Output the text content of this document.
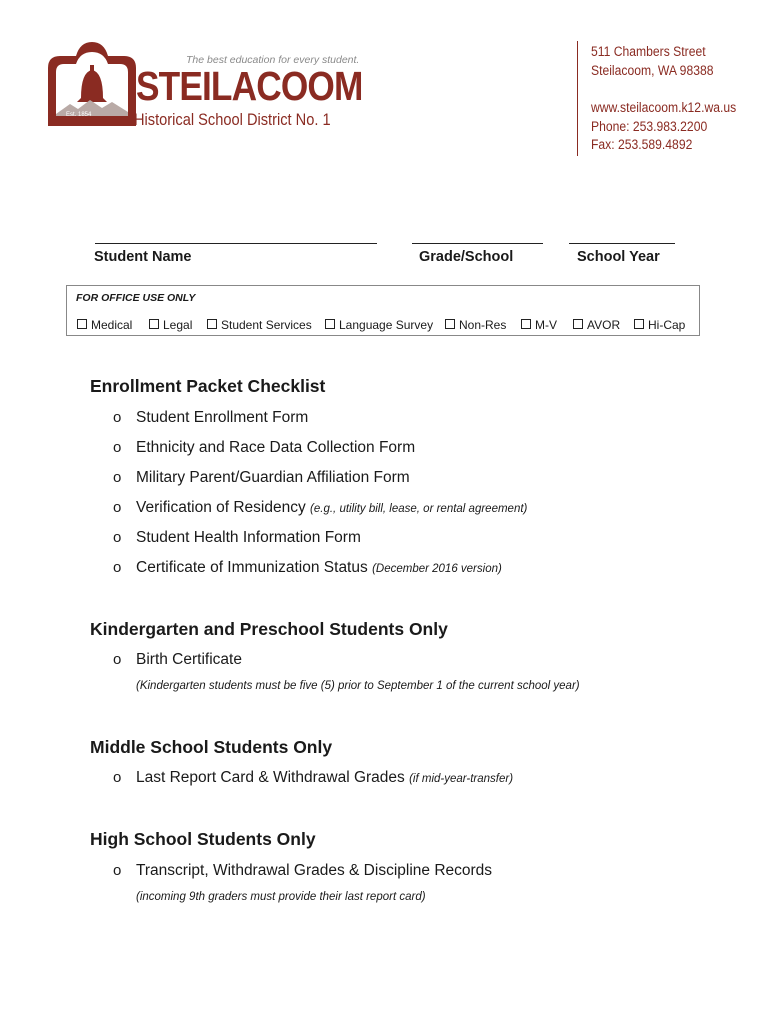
Est. 1854
The best education for every student.
STEILACOOM
Historical School District No. 1
511 Chambers Street
Steilacoom, WA 98388
www.steilacoom.k12.wa.us
Phone: 253.983.2200
Fax: 253.589.4892
Student Name	Grade/School	School Year
FOR OFFICE USE ONLY
Medical	Legal	Student Services	Language Survey	Non-Res	M-V	AVOR	Hi-Cap
Enrollment Packet Checklist
o Student Enrollment Form
o Ethnicity and Race Data Collection Form
o Military Parent/Guardian Affiliation Form
o Verification of Residency (e.g., utility bill, lease, or rental agreement)
o Student Health Information Form
o Certificate of Immunization Status (December 2016 version)
Kindergarten and Preschool Students Only
o Birth Certificate
(Kindergarten students must be five (5) prior to September 1 of the current school year)
Middle School Students Only
o Last Report Card & Withdrawal Grades (if mid-year-transfer)
High School Students Only
o Transcript, Withdrawal Grades & Discipline Records
(incoming 9th graders must provide their last report card)
